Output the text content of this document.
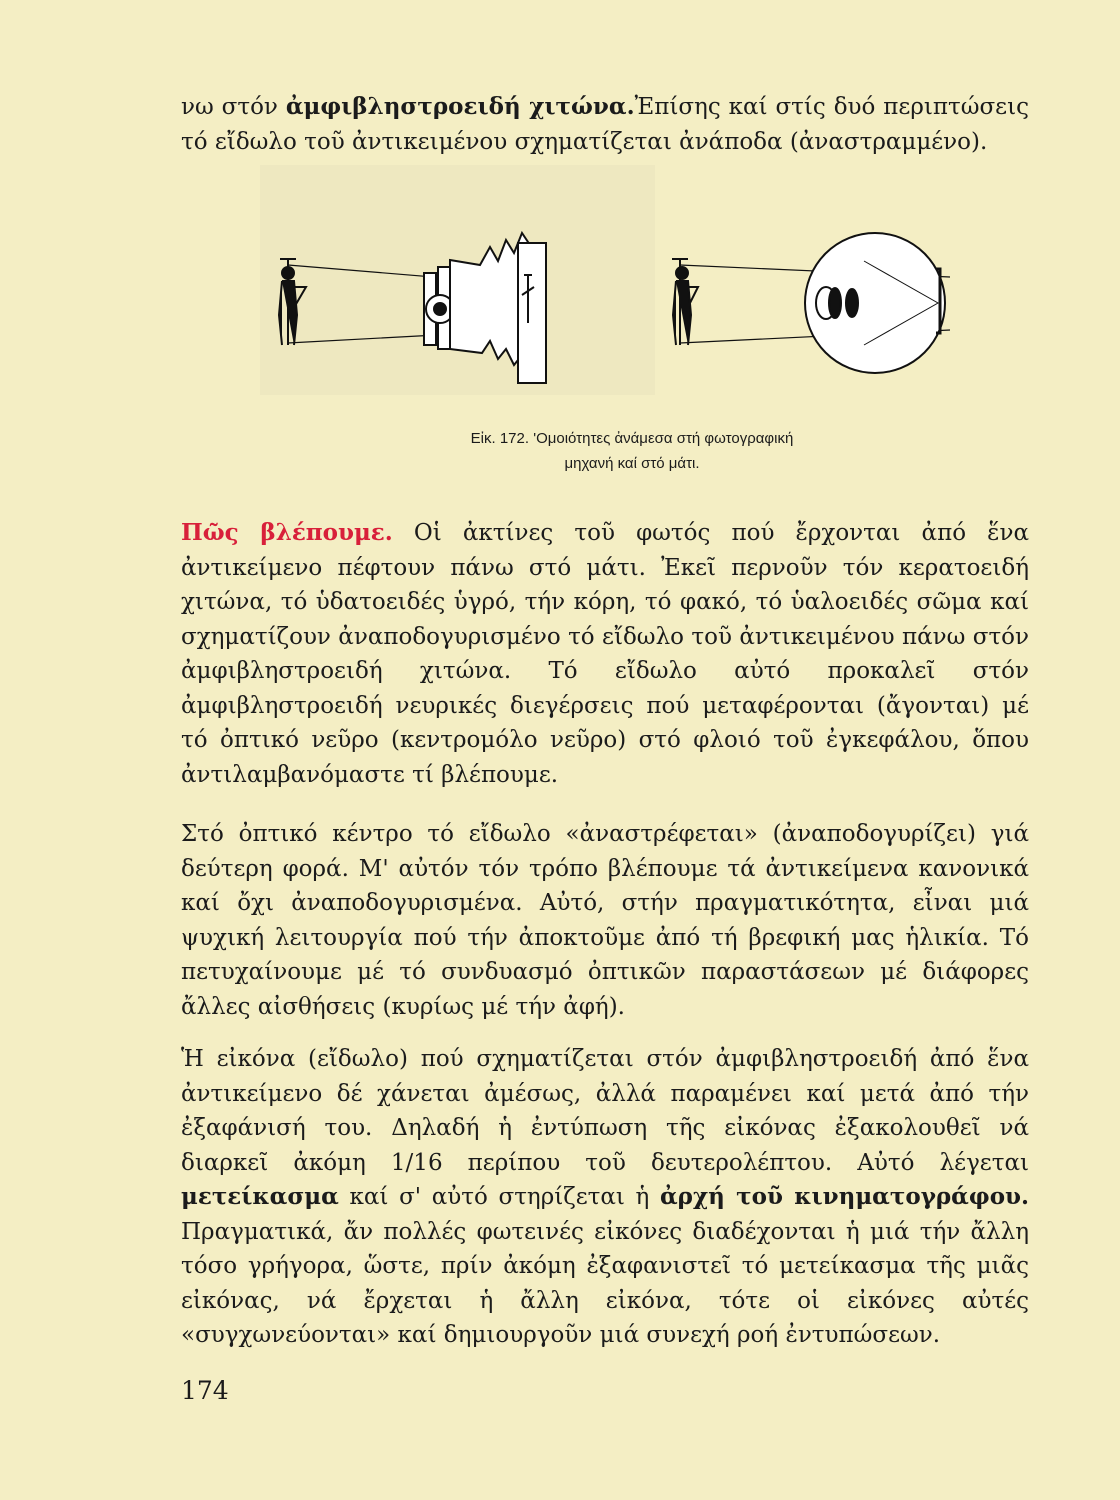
νω στόν ἀμφιβληστροειδή χιτώνα.Ἐπίσης καί στίς δυό περιπτώσεις τό εἴδωλο τοῦ ἀντικειμένου σχηματίζεται ἀνάποδα (ἀναστραμμένο).

Εἰκ. 172. 'Ομοιότητες ἀνάμεσα στή φωτογραφική
μηχανή καί στό μάτι.

Πῶς βλέπουμε. Οἱ ἀκτίνες τοῦ φωτός πού ἔρχονται ἀπό ἕνα ἀντικείμενο πέφτουν πάνω στό μάτι. Ἐκεῖ περνοῦν τόν κερατοειδή χιτώνα, τό ὑδατοειδές ὑγρό, τήν κόρη, τό φακό, τό ὑαλοειδές σῶμα καί σχηματίζουν ἀναποδογυρισμένο τό εἴδωλο τοῦ ἀντικειμένου πάνω στόν ἀμφιβληστροειδή χιτώνα. Τό εἴδωλο αὐτό προκαλεῖ στόν ἀμφιβληστροειδή νευρικές διεγέρσεις πού μεταφέρονται (ἄγονται) μέ τό ὀπτικό νεῦρο (κεντρομόλο νεῦρο) στό φλοιό τοῦ ἐγκεφάλου, ὅπου ἀντιλαμβανόμαστε τί βλέπουμε.

Στό ὀπτικό κέντρο τό εἴδωλο «ἀναστρέφεται» (ἀναποδογυρίζει) γιά δεύτερη φορά. Μ' αὐτόν τόν τρόπο βλέπουμε τά ἀντικείμενα κανονικά καί ὄχι ἀναποδογυρισμένα. Αὐτό, στήν πραγματικότητα, εἶναι μιά ψυχική λειτουργία πού τήν ἀποκτοῦμε ἀπό τή βρεφική μας ἡλικία. Τό πετυχαίνουμε μέ τό συνδυασμό ὀπτικῶν παραστάσεων μέ διάφορες ἄλλες αἰσθήσεις (κυρίως μέ τήν ἀφή).

Ἡ εἰκόνα (εἴδωλο) πού σχηματίζεται στόν ἀμφιβληστροειδή ἀπό ἕνα ἀντικείμενο δέ χάνεται ἀμέσως, ἀλλά παραμένει καί μετά ἀπό τήν ἐξαφάνισή του. Δηλαδή ἡ ἐντύπωση τῆς εἰκόνας ἐξακολουθεῖ νά διαρκεῖ ἀκόμη 1/16 περίπου τοῦ δευτερολέπτου. Αὐτό λέγεται μετείκασμα καί σ' αὐτό στηρίζεται ἡ ἀρχή τοῦ κινηματογράφου. Πραγματικά, ἄν πολλές φωτεινές εἰκόνες διαδέχονται ἡ μιά τήν ἄλλη τόσο γρήγορα, ὥστε, πρίν ἀκόμη ἐξαφανιστεῖ τό μετείκασμα τῆς μιᾶς εἰκόνας, νά ἔρχεται ἡ ἄλλη εἰκόνα, τότε οἱ εἰκόνες αὐτές «συγχωνεύονται» καί δημιουργοῦν μιά συνεχή ροή ἐντυπώσεων.

174
